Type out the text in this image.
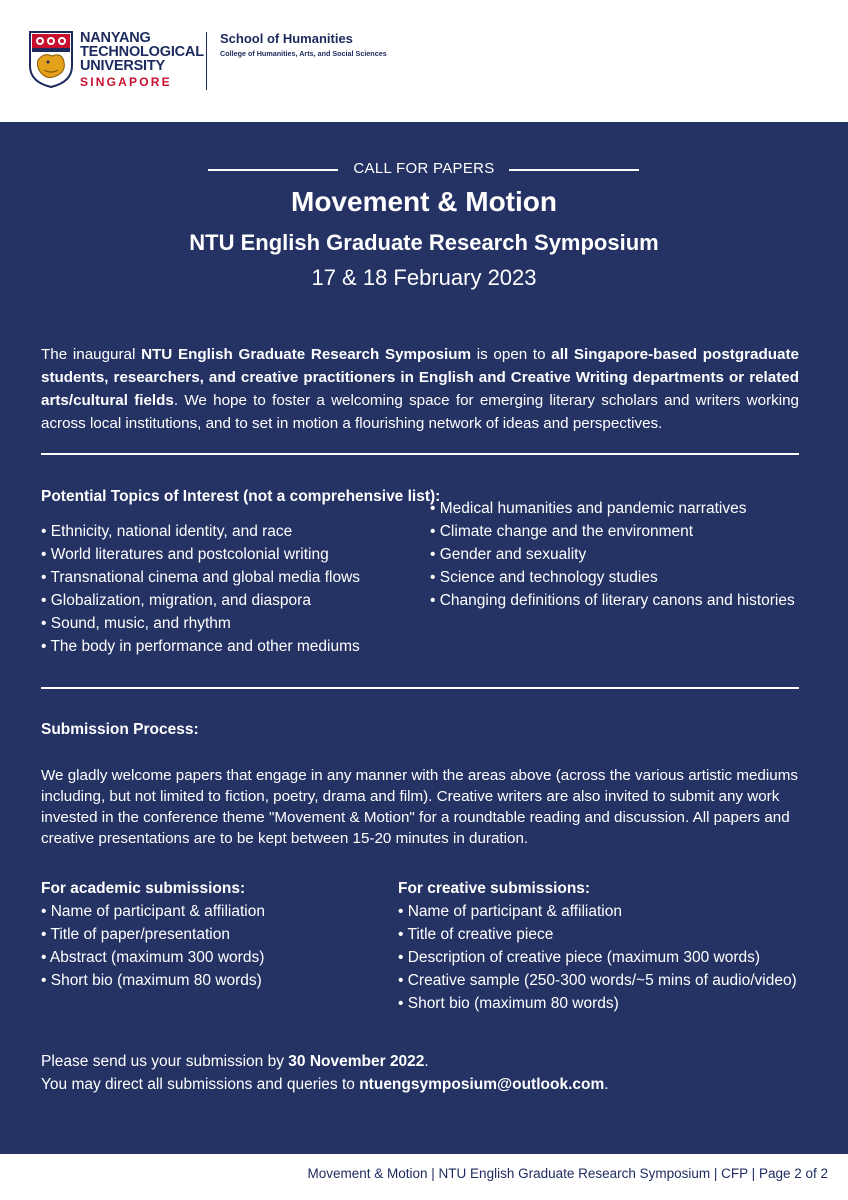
NANYANG
TECHNOLOGICAL
UNIVERSITY
SINGAPORE
School of Humanities
College of Humanities, Arts, and Social Sciences
CALL FOR PAPERS
Movement & Motion
NTU English Graduate Research Symposium
17 & 18 February 2023
The inaugural NTU English Graduate Research Symposium is open to all Singapore-based postgraduate students, researchers, and creative practitioners in English and Creative Writing departments or related arts/cultural fields. We hope to foster a welcoming space for emerging literary scholars and writers working across local institutions, and to set in motion a flourishing network of ideas and perspectives.
Potential Topics of Interest (not a comprehensive list):
• Ethnicity, national identity, and race
• World literatures and postcolonial writing
• Transnational cinema and global media flows
• Globalization, migration, and diaspora
• Sound, music, and rhythm
• The body in performance and other mediums
• Medical humanities and pandemic narratives
• Climate change and the environment
• Gender and sexuality
• Science and technology studies
• Changing definitions of literary canons and histories
Submission Process:
We gladly welcome papers that engage in any manner with the areas above (across the various artistic mediums including, but not limited to fiction, poetry, drama and film). Creative writers are also invited to submit any work invested in the conference theme "Movement & Motion" for a roundtable reading and discussion. All papers and creative presentations are to be kept between 15-20 minutes in duration.
For academic submissions:
• Name of participant & affiliation
• Title of paper/presentation
• Abstract (maximum 300 words)
• Short bio (maximum 80 words)
For creative submissions:
• Name of participant & affiliation
• Title of creative piece
• Description of creative piece (maximum 300 words)
• Creative sample (250-300 words/~5 mins of audio/video)
• Short bio (maximum 80 words)
Please send us your submission by 30 November 2022.
You may direct all submissions and queries to ntuengsymposium@outlook.com.
Movement & Motion | NTU English Graduate Research Symposium | CFP | Page 2 of 2
